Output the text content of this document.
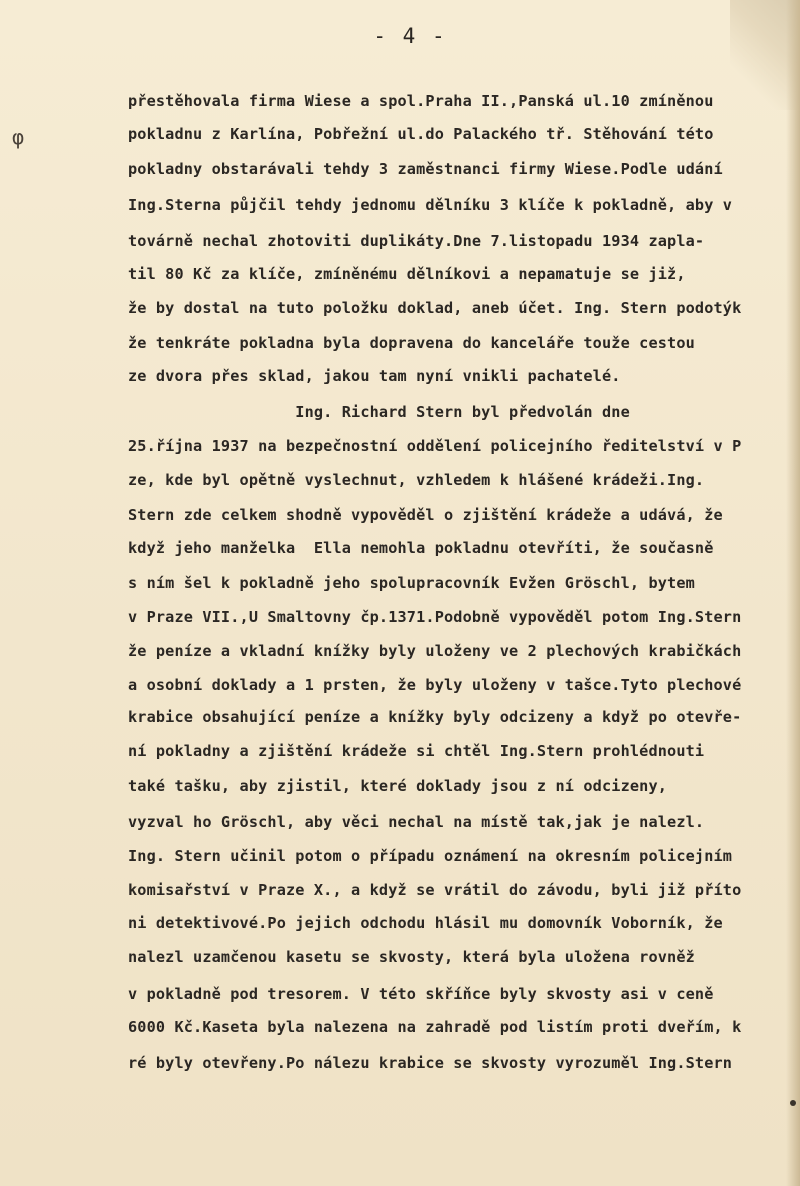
- 4 -
φ
přestěhovala firma Wiese a spol.Praha II.,Panská ul.10 zmíněnou
pokladnu z Karlína, Pobřežní ul.do Palackého tř. Stěhování této
pokladny obstarávali tehdy 3 zaměstnanci firmy Wiese.Podle udání
Ing.Sterna půjčil tehdy jednomu dělníku 3 klíče k pokladně, aby v
továrně nechal zhotoviti duplikáty.Dne 7.listopadu 1934 zapla-
til 80 Kč za klíče, zmíněnému dělníkovi a nepamatuje se již,
že by dostal na tuto položku doklad, aneb účet. Ing. Stern podotýk
že tenkráte pokladna byla dopravena do kanceláře touže cestou
ze dvora přes sklad, jakou tam nyní vnikli pachatelé.
Ing. Richard Stern byl předvolán dne
25.října 1937 na bezpečnostní oddělení policejního ředitelství v P
ze, kde byl opětně vyslechnut, vzhledem k hlášené krádeži.Ing.
Stern zde celkem shodně vypověděl o zjištění krádeže a udává, že
když jeho manželka  Ella nemohla pokladnu otevříti, že současně
s ním šel k pokladně jeho spolupracovník Evžen Gröschl, bytem
v Praze VII.,U Smaltovny čp.1371.Podobně vypověděl potom Ing.Stern
že peníze a vkladní knížky byly uloženy ve 2 plechových krabičkách
a osobní doklady a 1 prsten, že byly uloženy v tašce.Tyto plechové
krabice obsahující peníze a knížky byly odcizeny a když po otevře-
ní pokladny a zjištění krádeže si chtěl Ing.Stern prohlédnouti
také tašku, aby zjistil, které doklady jsou z ní odcizeny,
vyzval ho Gröschl, aby věci nechal na místě tak,jak je nalezl.
Ing. Stern učinil potom o případu oznámení na okresním policejním
komisařství v Praze X., a když se vrátil do závodu, byli již příto
ni detektivové.Po jejich odchodu hlásil mu domovník Voborník, že
nalezl uzamčenou kasetu se skvosty, která byla uložena rovněž
v pokladně pod tresorem. V této skříňce byly skvosty asi v ceně
6000 Kč.Kaseta byla nalezena na zahradě pod listím proti dveřím, k
ré byly otevřeny.Po nálezu krabice se skvosty vyrozuměl Ing.Stern
